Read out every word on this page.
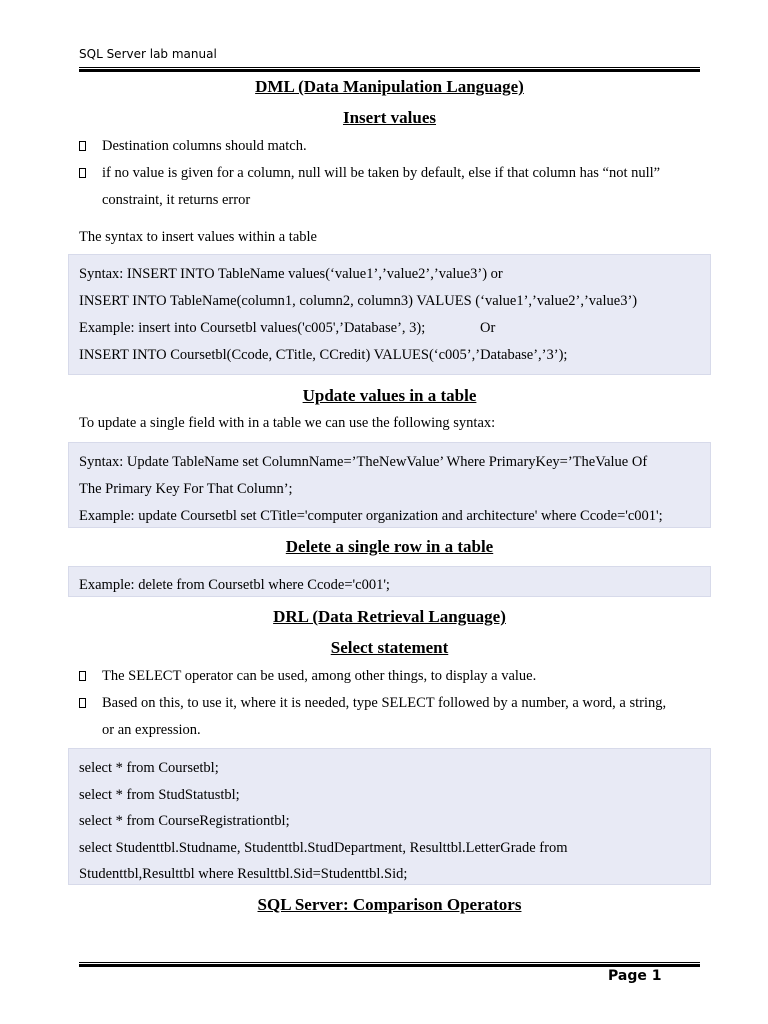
SQL Server lab manual
DML (Data Manipulation Language)
Insert values
Destination columns should match.
if no value is given for a column, null will be taken by default, else if that column has “not null”
constraint, it returns error
The syntax to insert values within a table
Syntax: INSERT INTO TableName values(‘value1’,’value2’,’value3’) or
INSERT INTO TableName(column1, column2, column3) VALUES (‘value1’,’value2’,’value3’)
Example: insert into Coursetbl values('c005',’Database’, 3);	Or
INSERT INTO Coursetbl(Ccode, CTitle, CCredit) VALUES(‘c005’,’Database’,’3’);
Update values in a table
To update a single field with in a table we can use the following syntax:
Syntax: Update TableName set ColumnName=’TheNewValue’ Where PrimaryKey=’TheValue Of
The Primary Key For That Column’;
Example: update Coursetbl set CTitle='computer organization and architecture' where Ccode='c001';
Delete a single row in a table
Example: delete from Coursetbl where Ccode='c001';
DRL (Data Retrieval Language)
Select statement
The SELECT operator can be used, among other things, to display a value.
Based on this, to use it, where it is needed, type SELECT followed by a number, a word, a string,
or an expression.
select * from Coursetbl;
select * from StudStatustbl;
select * from CourseRegistrationtbl;
select Studenttbl.Studname, Studenttbl.StudDepartment, Resulttbl.LetterGrade from
Studenttbl,Resulttbl where Resulttbl.Sid=Studenttbl.Sid;
SQL Server: Comparison Operators
Page 1
